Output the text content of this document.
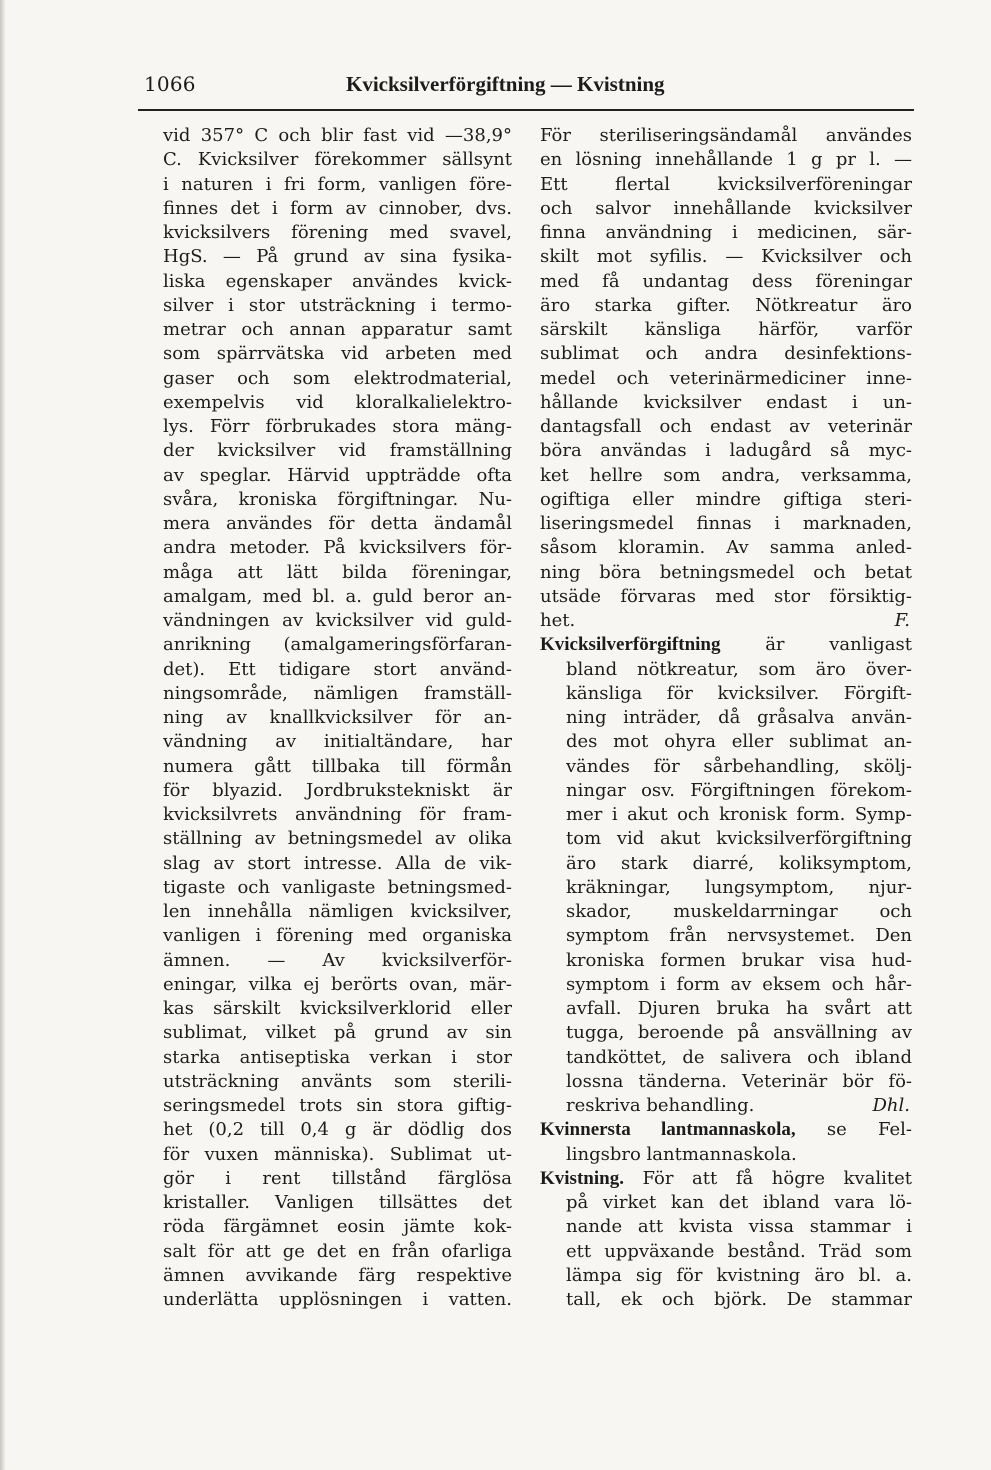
1066	Kvicksilverförgiftning — Kvistning
vid 357° C och blir fast vid —38,9°
C. Kvicksilver förekommer sällsynt
i naturen i fri form, vanligen före-
finnes det i form av cinnober, dvs.
kvicksilvers förening med svavel,
HgS. — På grund av sina fysika-
liska egenskaper användes kvick-
silver i stor utsträckning i termo-
metrar och annan apparatur samt
som spärrvätska vid arbeten med
gaser och som elektrodmaterial,
exempelvis vid kloralkalielektro-
lys. Förr förbrukades stora mäng-
der kvicksilver vid framställning
av speglar. Härvid uppträdde ofta
svåra, kroniska förgiftningar. Nu-
mera användes för detta ändamål
andra metoder. På kvicksilvers för-
måga att lätt bilda föreningar,
amalgam, med bl. a. guld beror an-
vändningen av kvicksilver vid guld-
anrikning (amalgameringsförfaran-
det). Ett tidigare stort använd-
ningsområde, nämligen framställ-
ning av knallkvicksilver för an-
vändning av initialtändare, har
numera gått tillbaka till förmån
för blyazid. Jordbrukstekniskt är
kvicksilvrets användning för fram-
ställning av betningsmedel av olika
slag av stort intresse. Alla de vik-
tigaste och vanligaste betningsmed-
len innehålla nämligen kvicksilver,
vanligen i förening med organiska
ämnen. — Av kvicksilverför-
eningar, vilka ej berörts ovan, mär-
kas särskilt kvicksilverklorid eller
sublimat, vilket på grund av sin
starka antiseptiska verkan i stor
utsträckning använts som sterili-
seringsmedel trots sin stora giftig-
het (0,2 till 0,4 g är dödlig dos
för vuxen människa). Sublimat ut-
gör i rent tillstånd färglösa
kristaller. Vanligen tillsättes det
röda färgämnet eosin jämte kok-
salt för att ge det en från ofarliga
ämnen avvikande färg respektive
underlätta upplösningen i vatten.
För steriliseringsändamål användes
en lösning innehållande 1 g pr l. —
Ett flertal kvicksilverföreningar
och salvor innehållande kvicksilver
finna användning i medicinen, sär-
skilt mot syfilis. — Kvicksilver och
med få undantag dess föreningar
äro starka gifter. Nötkreatur äro
särskilt känsliga härför, varför
sublimat och andra desinfektions-
medel och veterinärmediciner inne-
hållande kvicksilver endast i un-
dantagsfall och endast av veterinär
böra användas i ladugård så myc-
ket hellre som andra, verksamma,
ogiftiga eller mindre giftiga steri-
liseringsmedel finnas i marknaden,
såsom kloramin. Av samma anled-
ning böra betningsmedel och betat
utsäde förvaras med stor försiktig-
het.	F.
Kvicksilverförgiftning är vanligast
bland nötkreatur, som äro över-
känsliga för kvicksilver. Förgift-
ning inträder, då gråsalva använ-
des mot ohyra eller sublimat an-
vändes för sårbehandling, skölj-
ningar osv. Förgiftningen förekom-
mer i akut och kronisk form. Symp-
tom vid akut kvicksilverförgiftning
äro stark diarré, koliksymptom,
kräkningar, lungsymptom, njur-
skador, muskeldarrningar och
symptom från nervsystemet. Den
kroniska formen brukar visa hud-
symptom i form av eksem och hår-
avfall. Djuren bruka ha svårt att
tugga, beroende på ansvällning av
tandköttet, de salivera och ibland
lossna tänderna. Veterinär bör fö-
reskriva behandling.	Dhl.
Kvinnersta lantmannaskola, se Fel-
lingsbro lantmannaskola.
Kvistning. För att få högre kvalitet
på virket kan det ibland vara lö-
nande att kvista vissa stammar i
ett uppväxande bestånd. Träd som
lämpa sig för kvistning äro bl. a.
tall, ek och björk. De stammar
